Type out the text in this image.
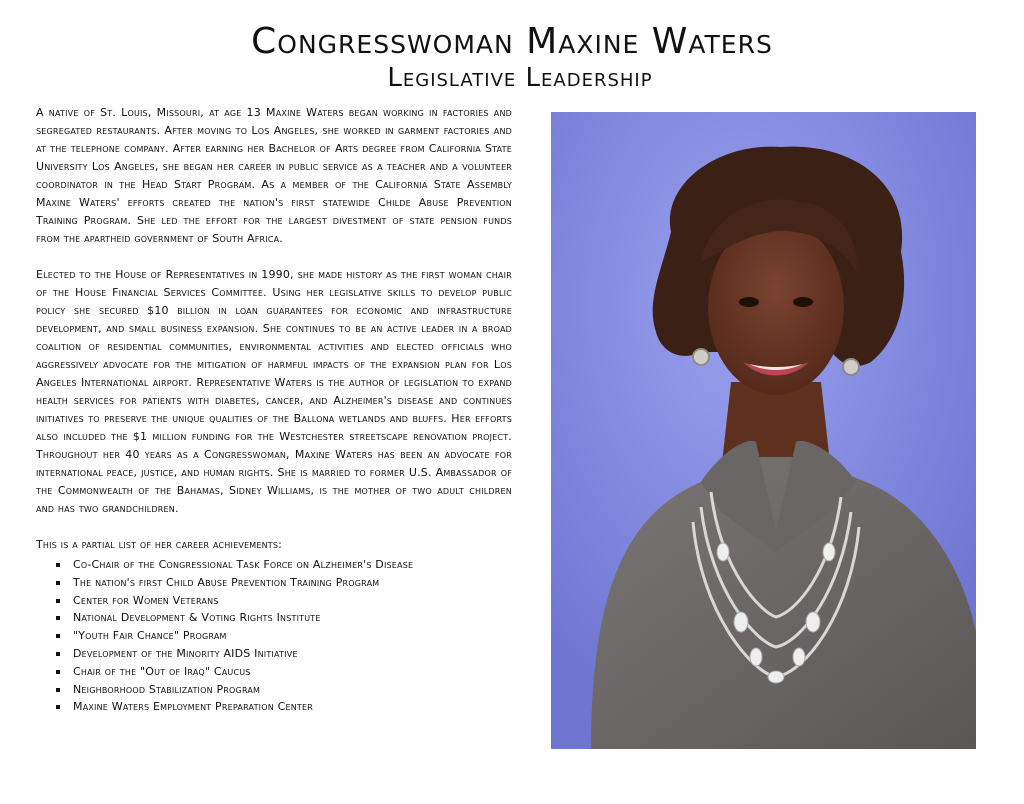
Congresswoman Maxine Waters
Legislative Leadership

A native of St. Louis, Missouri, at age 13 Maxine Waters began working in factories and segregated restaurants. After moving to Los Angeles, she worked in garment factories and at the telephone company. After earning her Bachelor of Arts degree from California State University Los Angeles, she began her career in public service as a teacher and a volunteer coordinator in the Head Start Program. As a member of the California State Assembly Maxine Waters' efforts created the nation's first statewide Childe Abuse Prevention Training Program. She led the effort for the largest divestment of state pension funds from the apartheid government of South Africa.

Elected to the House of Representatives in 1990, she made history as the first woman chair of the House Financial Services Committee. Using her legislative skills to develop public policy she secured $10 billion in loan guarantees for economic and infrastructure development, and small business expansion. She continues to be an active leader in a broad coalition of residential communities, environmental activities and elected officials who aggressively advocate for the mitigation of harmful impacts of the expansion plan for Los Angeles International airport. Representative Waters is the author of legislation to expand health services for patients with diabetes, cancer, and Alzheimer's disease and continues initiatives to preserve the unique qualities of the Ballona wetlands and bluffs. Her efforts also included the $1 million funding for the Westchester streetscape renovation project. Throughout her 40 years as a Congresswoman, Maxine Waters has been an advocate for international peace, justice, and human rights. She is married to former U.S. Ambassador of the Commonwealth of the Bahamas, Sidney Williams, is the mother of two adult children and has two grandchildren.

This is a partial list of her career achievements:
Co-Chair of the Congressional Task Force on Alzheimer's Disease
The nation's first Child Abuse Prevention Training Program
Center for Women Veterans
National Development & Voting Rights Institute
"Youth Fair Chance" Program
Development of the Minority AIDS Initiative
Chair of the "Out of Iraq" Caucus
Neighborhood Stabilization Program
Maxine Waters Employment Preparation Center
